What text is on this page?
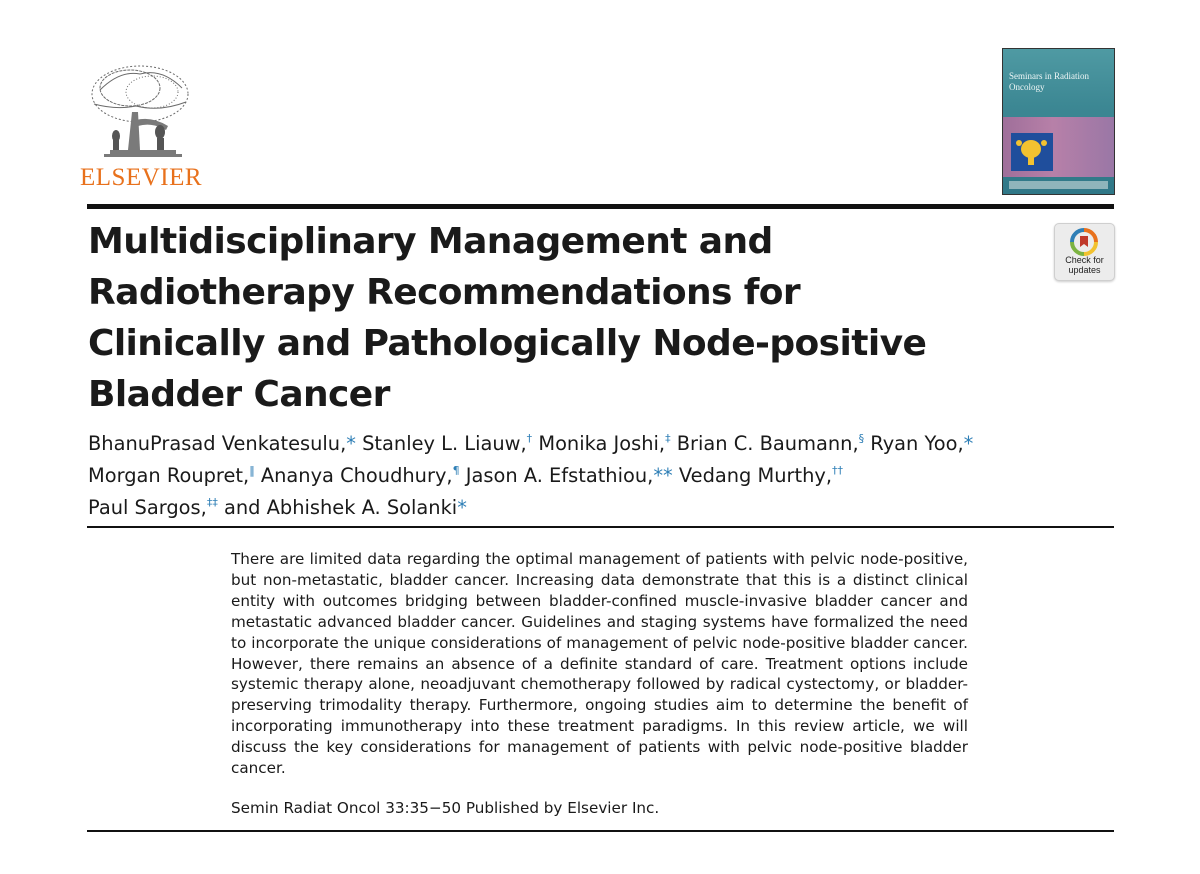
ELSEVIER
Seminars in Radiation Oncology

Multidisciplinary Management and Radiotherapy Recommendations for Clinically and Pathologically Node-positive Bladder Cancer
Check for updates

BhanuPrasad Venkatesulu,* Stanley L. Liauw,† Monika Joshi,‡ Brian C. Baumann,§ Ryan Yoo,*
Morgan Roupret,‖ Ananya Choudhury,¶ Jason A. Efstathiou,** Vedang Murthy,††
Paul Sargos,‡‡ and Abhishek A. Solanki*

There are limited data regarding the optimal management of patients with pelvic node-positive, but non-metastatic, bladder cancer. Increasing data demonstrate that this is a distinct clinical entity with outcomes bridging between bladder-confined muscle-invasive bladder cancer and metastatic advanced bladder cancer. Guidelines and staging systems have formalized the need to incorporate the unique considerations of management of pelvic node-positive bladder cancer. However, there remains an absence of a definite standard of care. Treatment options include systemic therapy alone, neoadjuvant chemotherapy followed by radical cystectomy, or bladder-preserving trimodality therapy. Furthermore, ongoing studies aim to determine the benefit of incorporating immunotherapy into these treatment paradigms. In this review article, we will discuss the key considerations for management of patients with pelvic node-positive bladder cancer.

Semin Radiat Oncol 33:35−50 Published by Elsevier Inc.
